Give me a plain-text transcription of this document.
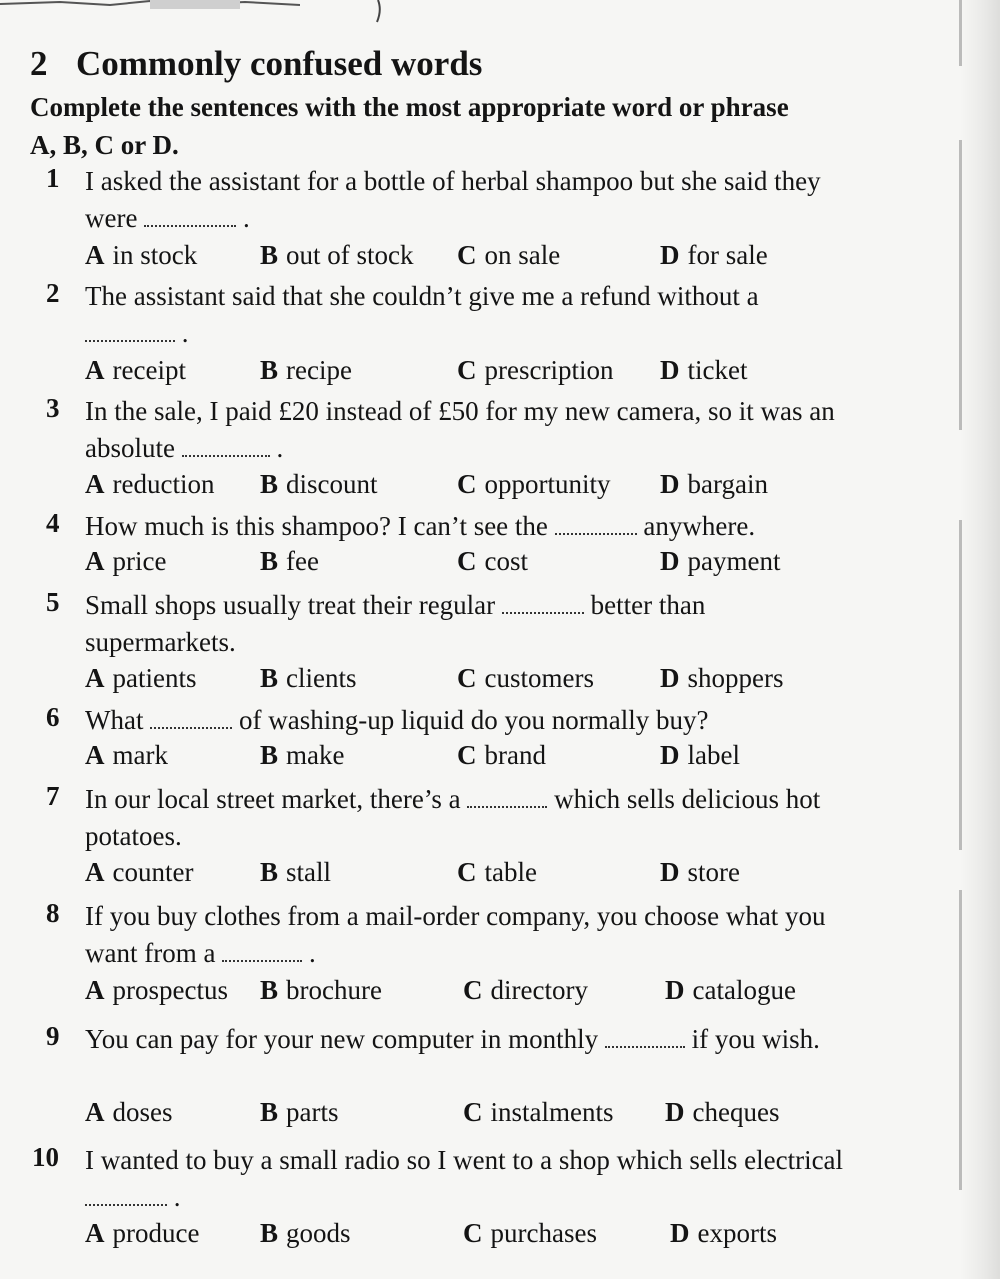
2 Commonly confused words

Complete the sentences with the most appropriate word or phrase A, B, C or D.

1 I asked the assistant for a bottle of herbal shampoo but she said they were	.

A in stock B out of stock C on sale	D for sale
2 The assistant said that she couldn’t give me a refund without a  .

A receipt	B recipe	C prescription D ticket
3 In the sale, I paid £20 instead of £50 for my new camera, so it was an absolute	.

A reduction B discount	C opportunity D bargain
4 How much is this shampoo? I can’t see the	anywhere.

A price	B fee	C cost	D payment
5 Small shops usually treat their regular	better than supermarkets.

A patients B clients	C customers D shoppers
6 What	of washing-up liquid do you normally buy?

A mark	B make	C brand	D label
7 In our local street market, there’s a	which sells delicious hot potatoes.

A counter B stall	C table	D store
8 If you buy clothes from a mail-order company, you choose what you want from a	.

A prospectus B brochure	C directory	D catalogue
9 You can pay for your new computer in monthly	if you wish.

A doses	B parts	C instalments D cheques
10 I wanted to buy a small radio so I went to a shop which sells electrical  .

A produce B goods	C purchases	D exports
